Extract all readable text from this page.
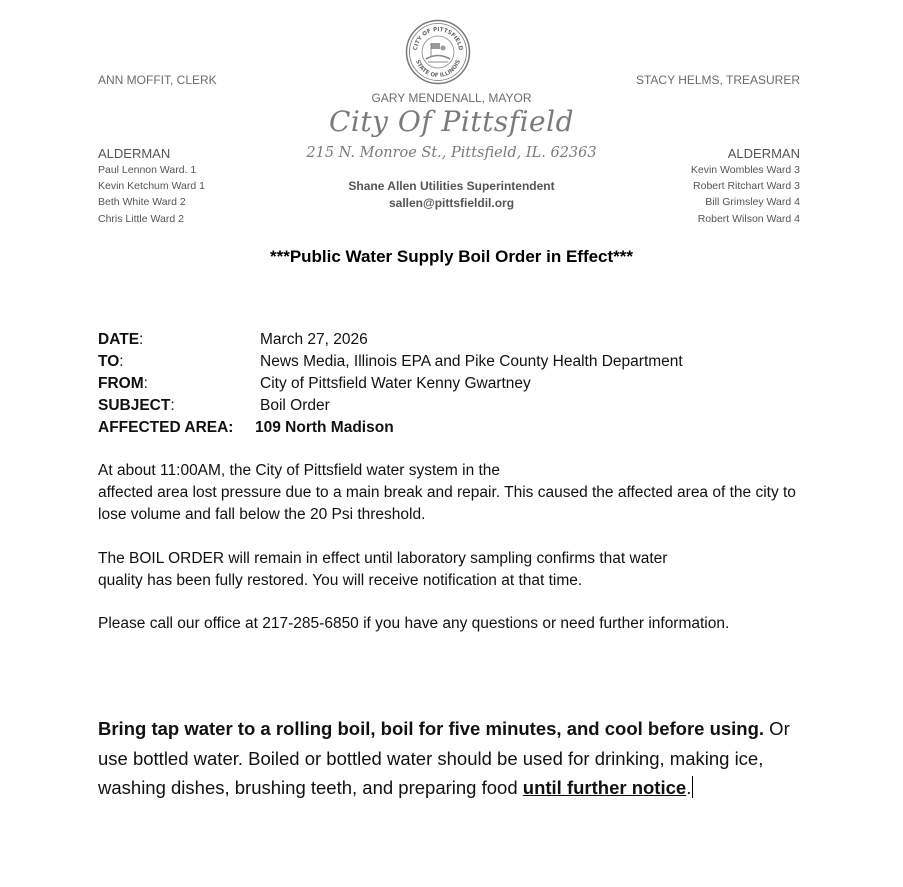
CITY OF PITTSFIELD
STATE OF ILLINOIS
ANN MOFFIT, CLERK	STACY HELMS, TREASURER
GARY MENDENALL, MAYOR
City Of Pittsfield
215 N. Monroe St., Pittsfield, IL. 62363
ALDERMAN
Paul Lennon Ward. 1
Kevin Ketchum Ward 1
Beth White Ward 2
Chris Little Ward 2
ALDERMAN
Kevin Wombles Ward 3
Robert Ritchart Ward 3
Bill Grimsley Ward 4
Robert Wilson Ward 4
Shane Allen Utilities Superintendent
sallen@pittsfieldil.org
***Public Water Supply Boil Order in Effect***
DATE:	March 27, 2026
TO:	News Media, Illinois EPA and Pike County Health Department
FROM:	City of Pittsfield Water Kenny Gwartney
SUBJECT:	Boil Order
AFFECTED AREA: 109 North Madison
At about 11:00AM, the City of Pittsfield water system in the
affected area lost pressure due to a main break and repair. This caused the affected area of the city to lose volume and fall below the 20 Psi threshold.
The BOIL ORDER will remain in effect until laboratory sampling confirms that water
quality has been fully restored. You will receive notification at that time.
Please call our office at 217-285-6850 if you have any questions or need further information.
Bring tap water to a rolling boil, boil for five minutes, and cool before using. Or use bottled water. Boiled or bottled water should be used for drinking, making ice, washing dishes, brushing teeth, and preparing food until further notice.
